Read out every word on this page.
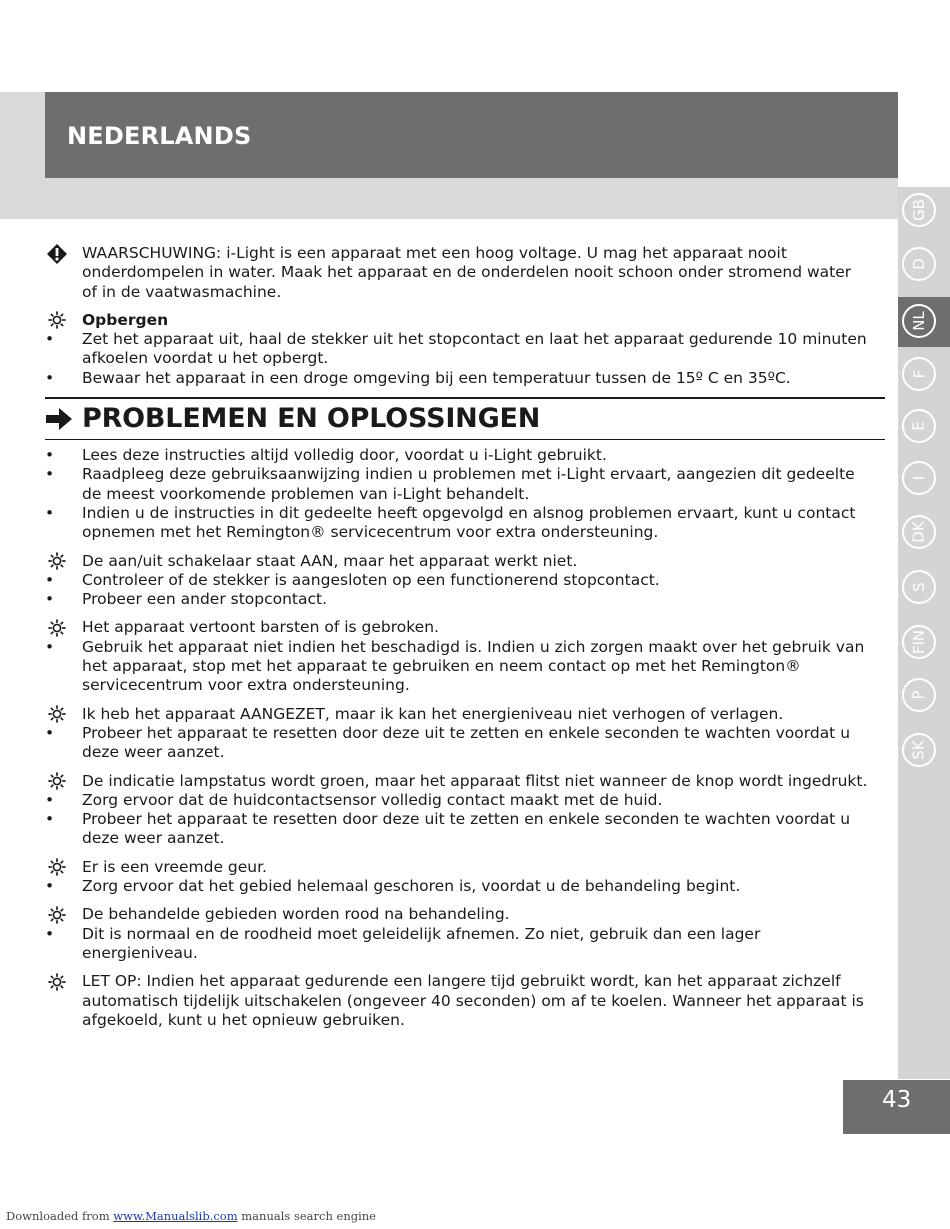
NEDERLANDS
GB
D
NL
F
E
I
DK
S
FIN
P
SK
WAARSCHUWING: i-Light is een apparaat met een hoog voltage. U mag het apparaat nooit
onderdompelen in water. Maak het apparaat en de onderdelen nooit schoon onder stromend water
of in de vaatwasmachine.
Opbergen
• Zet het apparaat uit, haal de stekker uit het stopcontact en laat het apparaat gedurende 10 minuten
afkoelen voordat u het opbergt.
• Bewaar het apparaat in een droge omgeving bij een temperatuur tussen de 15º C en 35ºC.
PROBLEMEN EN OPLOSSINGEN
• Lees deze instructies altijd volledig door, voordat u i-Light gebruikt.
• Raadpleeg deze gebruiksaanwijzing indien u problemen met i-Light ervaart, aangezien dit gedeelte
de meest voorkomende problemen van i-Light behandelt.
• Indien u de instructies in dit gedeelte heeft opgevolgd en alsnog problemen ervaart, kunt u contact
opnemen met het Remington® servicecentrum voor extra ondersteuning.
De aan/uit schakelaar staat AAN, maar het apparaat werkt niet.
• Controleer of de stekker is aangesloten op een functionerend stopcontact.
• Probeer een ander stopcontact.
Het apparaat vertoont barsten of is gebroken.
• Gebruik het apparaat niet indien het beschadigd is. Indien u zich zorgen maakt over het gebruik van
het apparaat, stop met het apparaat te gebruiken en neem contact op met het Remington®
servicecentrum voor extra ondersteuning.
Ik heb het apparaat AANGEZET, maar ik kan het energieniveau niet verhogen of verlagen.
• Probeer het apparaat te resetten door deze uit te zetten en enkele seconden te wachten voordat u
deze weer aanzet.
De indicatie lampstatus wordt groen, maar het apparaat flitst niet wanneer de knop wordt ingedrukt.
• Zorg ervoor dat de huidcontactsensor volledig contact maakt met de huid.
• Probeer het apparaat te resetten door deze uit te zetten en enkele seconden te wachten voordat u
deze weer aanzet.
Er is een vreemde geur.
• Zorg ervoor dat het gebied helemaal geschoren is, voordat u de behandeling begint.
De behandelde gebieden worden rood na behandeling.
• Dit is normaal en de roodheid moet geleidelijk afnemen. Zo niet, gebruik dan een lager
energieniveau.
LET OP: Indien het apparaat gedurende een langere tijd gebruikt wordt, kan het apparaat zichzelf
automatisch tijdelijk uitschakelen (ongeveer 40 seconden) om af te koelen. Wanneer het apparaat is
afgekoeld, kunt u het opnieuw gebruiken.
43
Downloaded from www.Manualslib.com manuals search engine
